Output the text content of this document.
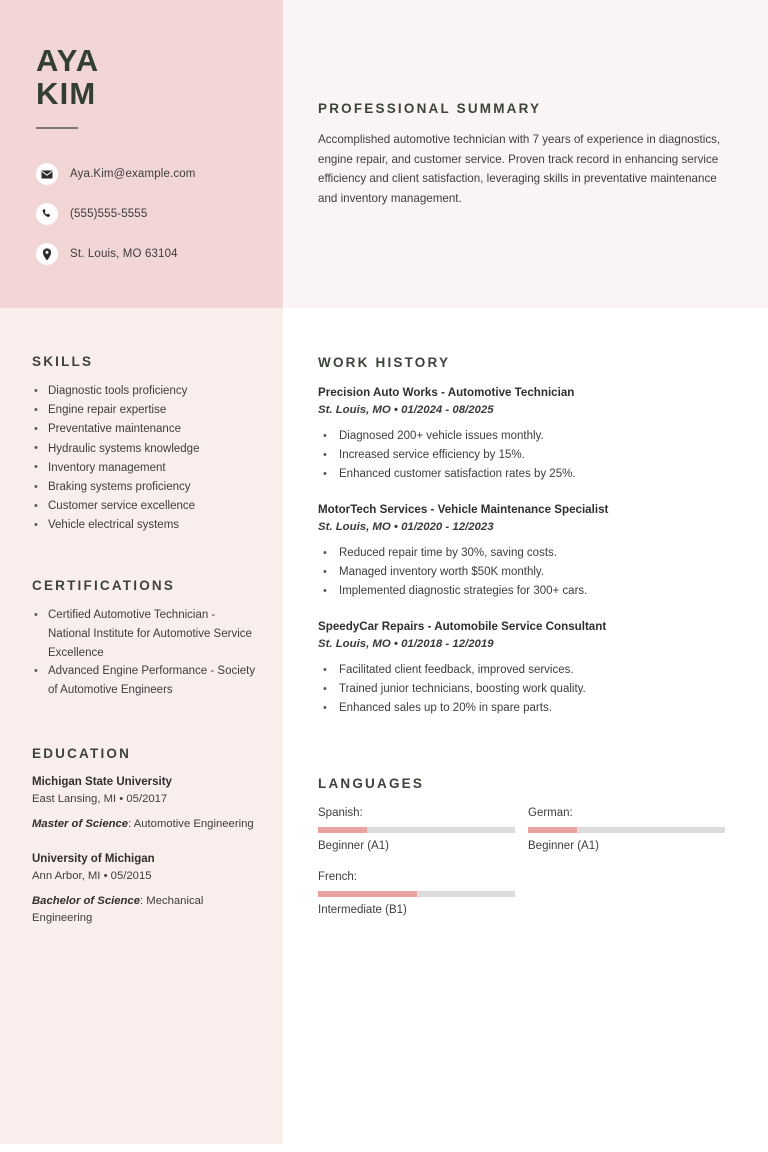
AYA
KIM
Aya.Kim@example.com
(555)555-5555
St. Louis, MO 63104
SKILLS
• Diagnostic tools proficiency
• Engine repair expertise
• Preventative maintenance
• Hydraulic systems knowledge
• Inventory management
• Braking systems proficiency
• Customer service excellence
• Vehicle electrical systems
CERTIFICATIONS
• Certified Automotive Technician - National Institute for Automotive Service Excellence
• Advanced Engine Performance - Society of Automotive Engineers
EDUCATION
Michigan State University
East Lansing, MI • 05/2017
Master of Science: Automotive Engineering
University of Michigan
Ann Arbor, MI • 05/2015
Bachelor of Science: Mechanical Engineering
PROFESSIONAL SUMMARY
Accomplished automotive technician with 7 years of experience in diagnostics, engine repair, and customer service. Proven track record in enhancing service efficiency and client satisfaction, leveraging skills in preventative maintenance and inventory management.
WORK HISTORY
Precision Auto Works - Automotive Technician
St. Louis, MO • 01/2024 - 08/2025
• Diagnosed 200+ vehicle issues monthly.
• Increased service efficiency by 15%.
• Enhanced customer satisfaction rates by 25%.
MotorTech Services - Vehicle Maintenance Specialist
St. Louis, MO • 01/2020 - 12/2023
• Reduced repair time by 30%, saving costs.
• Managed inventory worth $50K monthly.
• Implemented diagnostic strategies for 300+ cars.
SpeedyCar Repairs - Automobile Service Consultant
St. Louis, MO • 01/2018 - 12/2019
• Facilitated client feedback, improved services.
• Trained junior technicians, boosting work quality.
• Enhanced sales up to 20% in spare parts.
LANGUAGES
Spanish:
Beginner (A1)
German:
Beginner (A1)
French:
Intermediate (B1)
